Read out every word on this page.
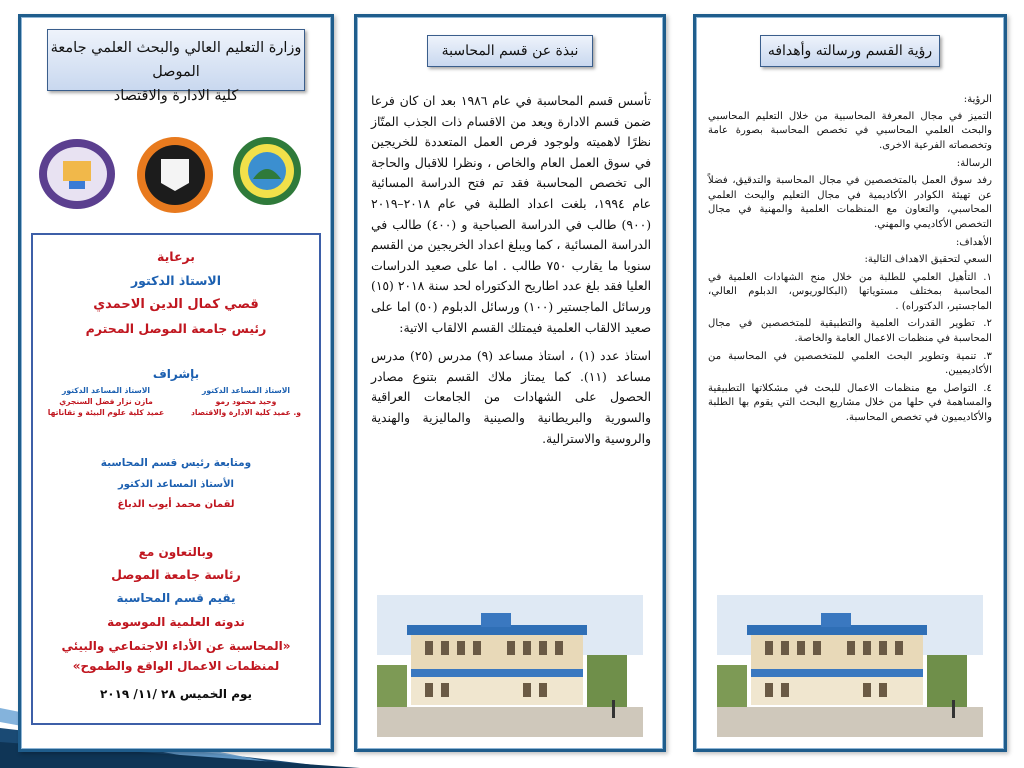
رؤية القسم ورسالته وأهدافه

الرؤية:

التميز في مجال المعرفة المحاسبية من خلال التعليم المحاسبي والبحث العلمي المحاسبي في تخصص المحاسبة بصورة عامة وتخصصاته الفرعية الاخرى.

الرسالة:

رفد سوق العمل بالمتخصصين في مجال المحاسبة والتدقيق، فضلاً عن تهيئة الكوادر الأكاديمية في مجال التعليم والبحث العلمي المحاسبي، والتعاون مع المنظمات العلمية والمهنية في مجال التخصص الأكاديمي والمهني.

الأهداف:

السعي لتحقيق الاهداف التالية:

١. التأهيل العلمي للطلبة من خلال منح الشهادات العلمية في المحاسبة بمختلف مستوياتها (البكالوريوس، الدبلوم العالي، الماجستير، الدكتوراه) .

٢. تطوير القدرات العلمية والتطبيقية للمتخصصين في مجال المحاسبة في منظمات الاعمال العامة والخاصة.

٣. تنمية وتطوير البحث العلمي للمتخصصين في المحاسبة من الأكاديميين.

٤. التواصل مع منظمات الاعمال للبحث في مشكلاتها التطبيقية والمساهمة في حلها من خلال مشاريع البحث التي يقوم بها الطلبة والأكاديميون في تخصص المحاسبة.

نبذة عن قسم المحاسبة

تأسس قسم المحاسبة في عام ١٩٨٦ بعد ان كان فرعا ضمن قسم الادارة ويعد من الاقسام ذات الجذب المتّاز نظرًا لاهميته ولوجود فرص العمل المتعددة للخريجين في سوق العمل العام والخاص ، ونظرا للاقبال والحاجة الى تخصص المحاسبة فقد تم فتح الدراسة المسائية عام ١٩٩٤، بلغت اعداد الطلبة في عام ٢٠١٨–٢٠١٩ (٩٠٠) طالب في الدراسة الصباحية و (٤٠٠) طالب في الدراسة المسائية ، كما ويبلغ اعداد الخريجين من القسم سنويا ما يقارب ٧٥٠ طالب . اما على صعيد الدراسات العليا فقد بلغ عدد اطاريح الدكتوراه لحد سنة ٢٠١٨ (١٥) ورسائل الماجستير (١٠٠) ورسائل الدبلوم (٥٠) اما على صعيد الالقاب العلمية فيمتلك القسم الالقاب الاتية:

استاذ عدد (١) ، استاذ مساعد (٩) مدرس (٢٥) مدرس مساعد (١١). كما يمتاز ملاك القسم بتنوع مصادر الحصول على الشهادات من الجامعات العراقية والسورية والبريطانية والصينية والماليزية والهندية والروسية والاسترالية.

وزارة التعليم العالي والبحث العلمي جامعة الموصل
كلية الادارة والاقتصاد
برعاية
الاستاذ الدكتور
قصي كمال الدين الاحمدي
رئيس جامعة الموصل المحترم
بإشراف
الاستاذ المساعد الدكتور
وحيد محمود رمو
و. عميد كلية الادارة والاقتصاد
الاستاذ المساعد الدكتور
مازن نزار فضل السنجري
عميد كلية علوم البيئة و تقاناتها
ومتابعة رئيس قسم المحاسبة
الأستاذ المساعد الدكتور
لقمان محمد أيوب الدباغ
وبالتعاون مع
رئاسة جامعة الموصل
يقيم قسم المحاسبة
ندوته العلمية الموسومة
«المحاسبة عن الأداء الاجتماعي والبيئي
لمنظمات الاعمال الواقع والطموح»
يوم الخميس ٢٨ /١١/ ٢٠١٩
